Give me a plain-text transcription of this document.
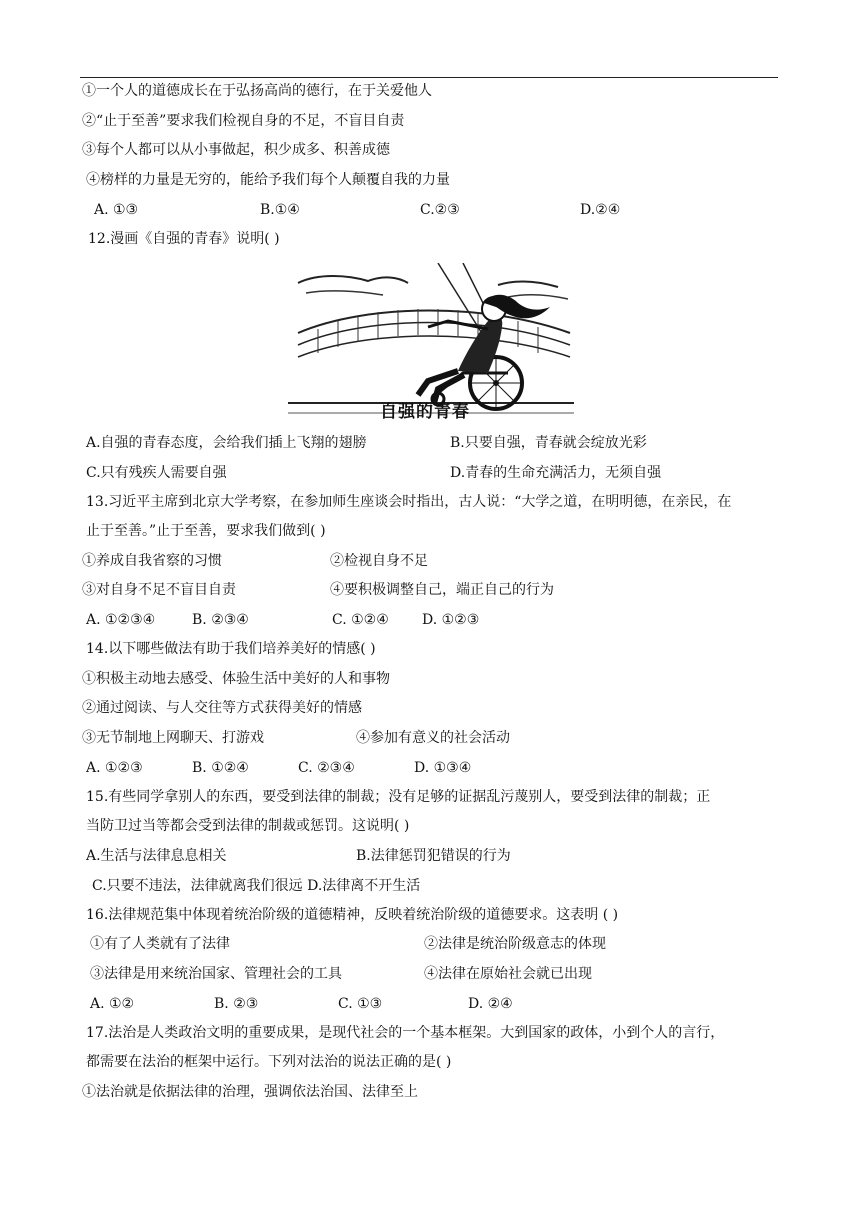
①一个人的道德成长在于弘扬高尚的德行，在于关爱他人
②“止于至善”要求我们检视自身的不足，不盲目自责
③每个人都可以从小事做起，积少成多、积善成德
④榜样的力量是无穷的，能给予我们每个人颠覆自我的力量
A. ①③	B.①④	C.②③	D.②④
12.漫画《自强的青春》说明( )
自强的青春
A.自强的青春态度，会给我们插上飞翔的翅膀	B.只要自强，青春就会绽放光彩
C.只有残疾人需要自强	D.青春的生命充满活力，无须自强
13.习近平主席到北京大学考察，在参加师生座谈会时指出，古人说：“大学之道，在明明德，在亲民，在
止于至善。”止于至善，要求我们做到( )
①养成自我省察的习惯	②检视自身不足
③对自身不足不盲目自责	④要积极调整自己，端正自己的行为
A. ①②③④	B. ②③④	C. ①②④ D. ①②③
14.以下哪些做法有助于我们培养美好的情感( )
①积极主动地去感受、体验生活中美好的人和事物
②通过阅读、与人交往等方式获得美好的情感
③无节制地上网聊天、打游戏	④参加有意义的社会活动
A. ①②③	B. ①②④	C. ②③④	D. ①③④
15.有些同学拿别人的东西，要受到法律的制裁；没有足够的证据乱污蔑别人，要受到法律的制裁；正
当防卫过当等都会受到法律的制裁或惩罚。这说明( )
A.生活与法律息息相关	B.法律惩罚犯错误的行为
C.只要不违法，法律就离我们很远 D.法律离不开生活
16.法律规范集中体现着统治阶级的道德精神，反映着统治阶级的道德要求。这表明 ( )
①有了人类就有了法律	②法律是统治阶级意志的体现
③法律是用来统治国家、管理社会的工具	④法律在原始社会就已出现
A. ①②	B. ②③	C. ①③	D. ②④
17.法治是人类政治文明的重要成果，是现代社会的一个基本框架。大到国家的政体，小到个人的言行，
都需要在法治的框架中运行。下列对法治的说法正确的是( )
①法治就是依据法律的治理，强调依法治国、法律至上
